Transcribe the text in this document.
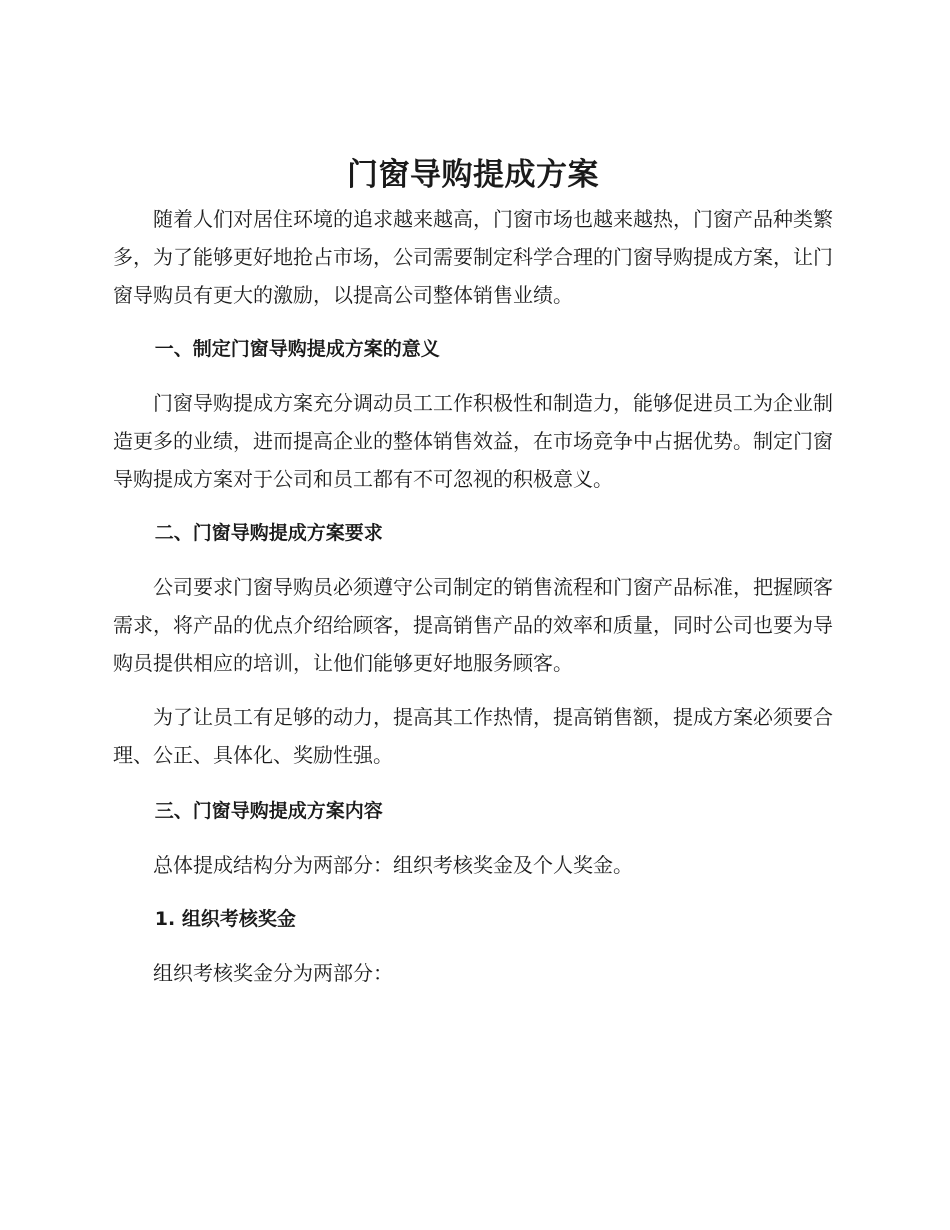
门窗导购提成方案

随着人们对居住环境的追求越来越高，门窗市场也越来越热，门窗产品种类繁多，为了能够更好地抢占市场，公司需要制定科学合理的门窗导购提成方案，让门窗导购员有更大的激励，以提高公司整体销售业绩。

一、制定门窗导购提成方案的意义

门窗导购提成方案充分调动员工工作积极性和制造力，能够促进员工为企业制造更多的业绩，进而提高企业的整体销售效益，在市场竞争中占据优势。制定门窗导购提成方案对于公司和员工都有不可忽视的积极意义。

二、门窗导购提成方案要求

公司要求门窗导购员必须遵守公司制定的销售流程和门窗产品标准，把握顾客需求，将产品的优点介绍给顾客，提高销售产品的效率和质量，同时公司也要为导购员提供相应的培训，让他们能够更好地服务顾客。

为了让员工有足够的动力，提高其工作热情，提高销售额，提成方案必须要合理、公正、具体化、奖励性强。

三、门窗导购提成方案内容

总体提成结构分为两部分：组织考核奖金及个人奖金。

1. 组织考核奖金

组织考核奖金分为两部分：
